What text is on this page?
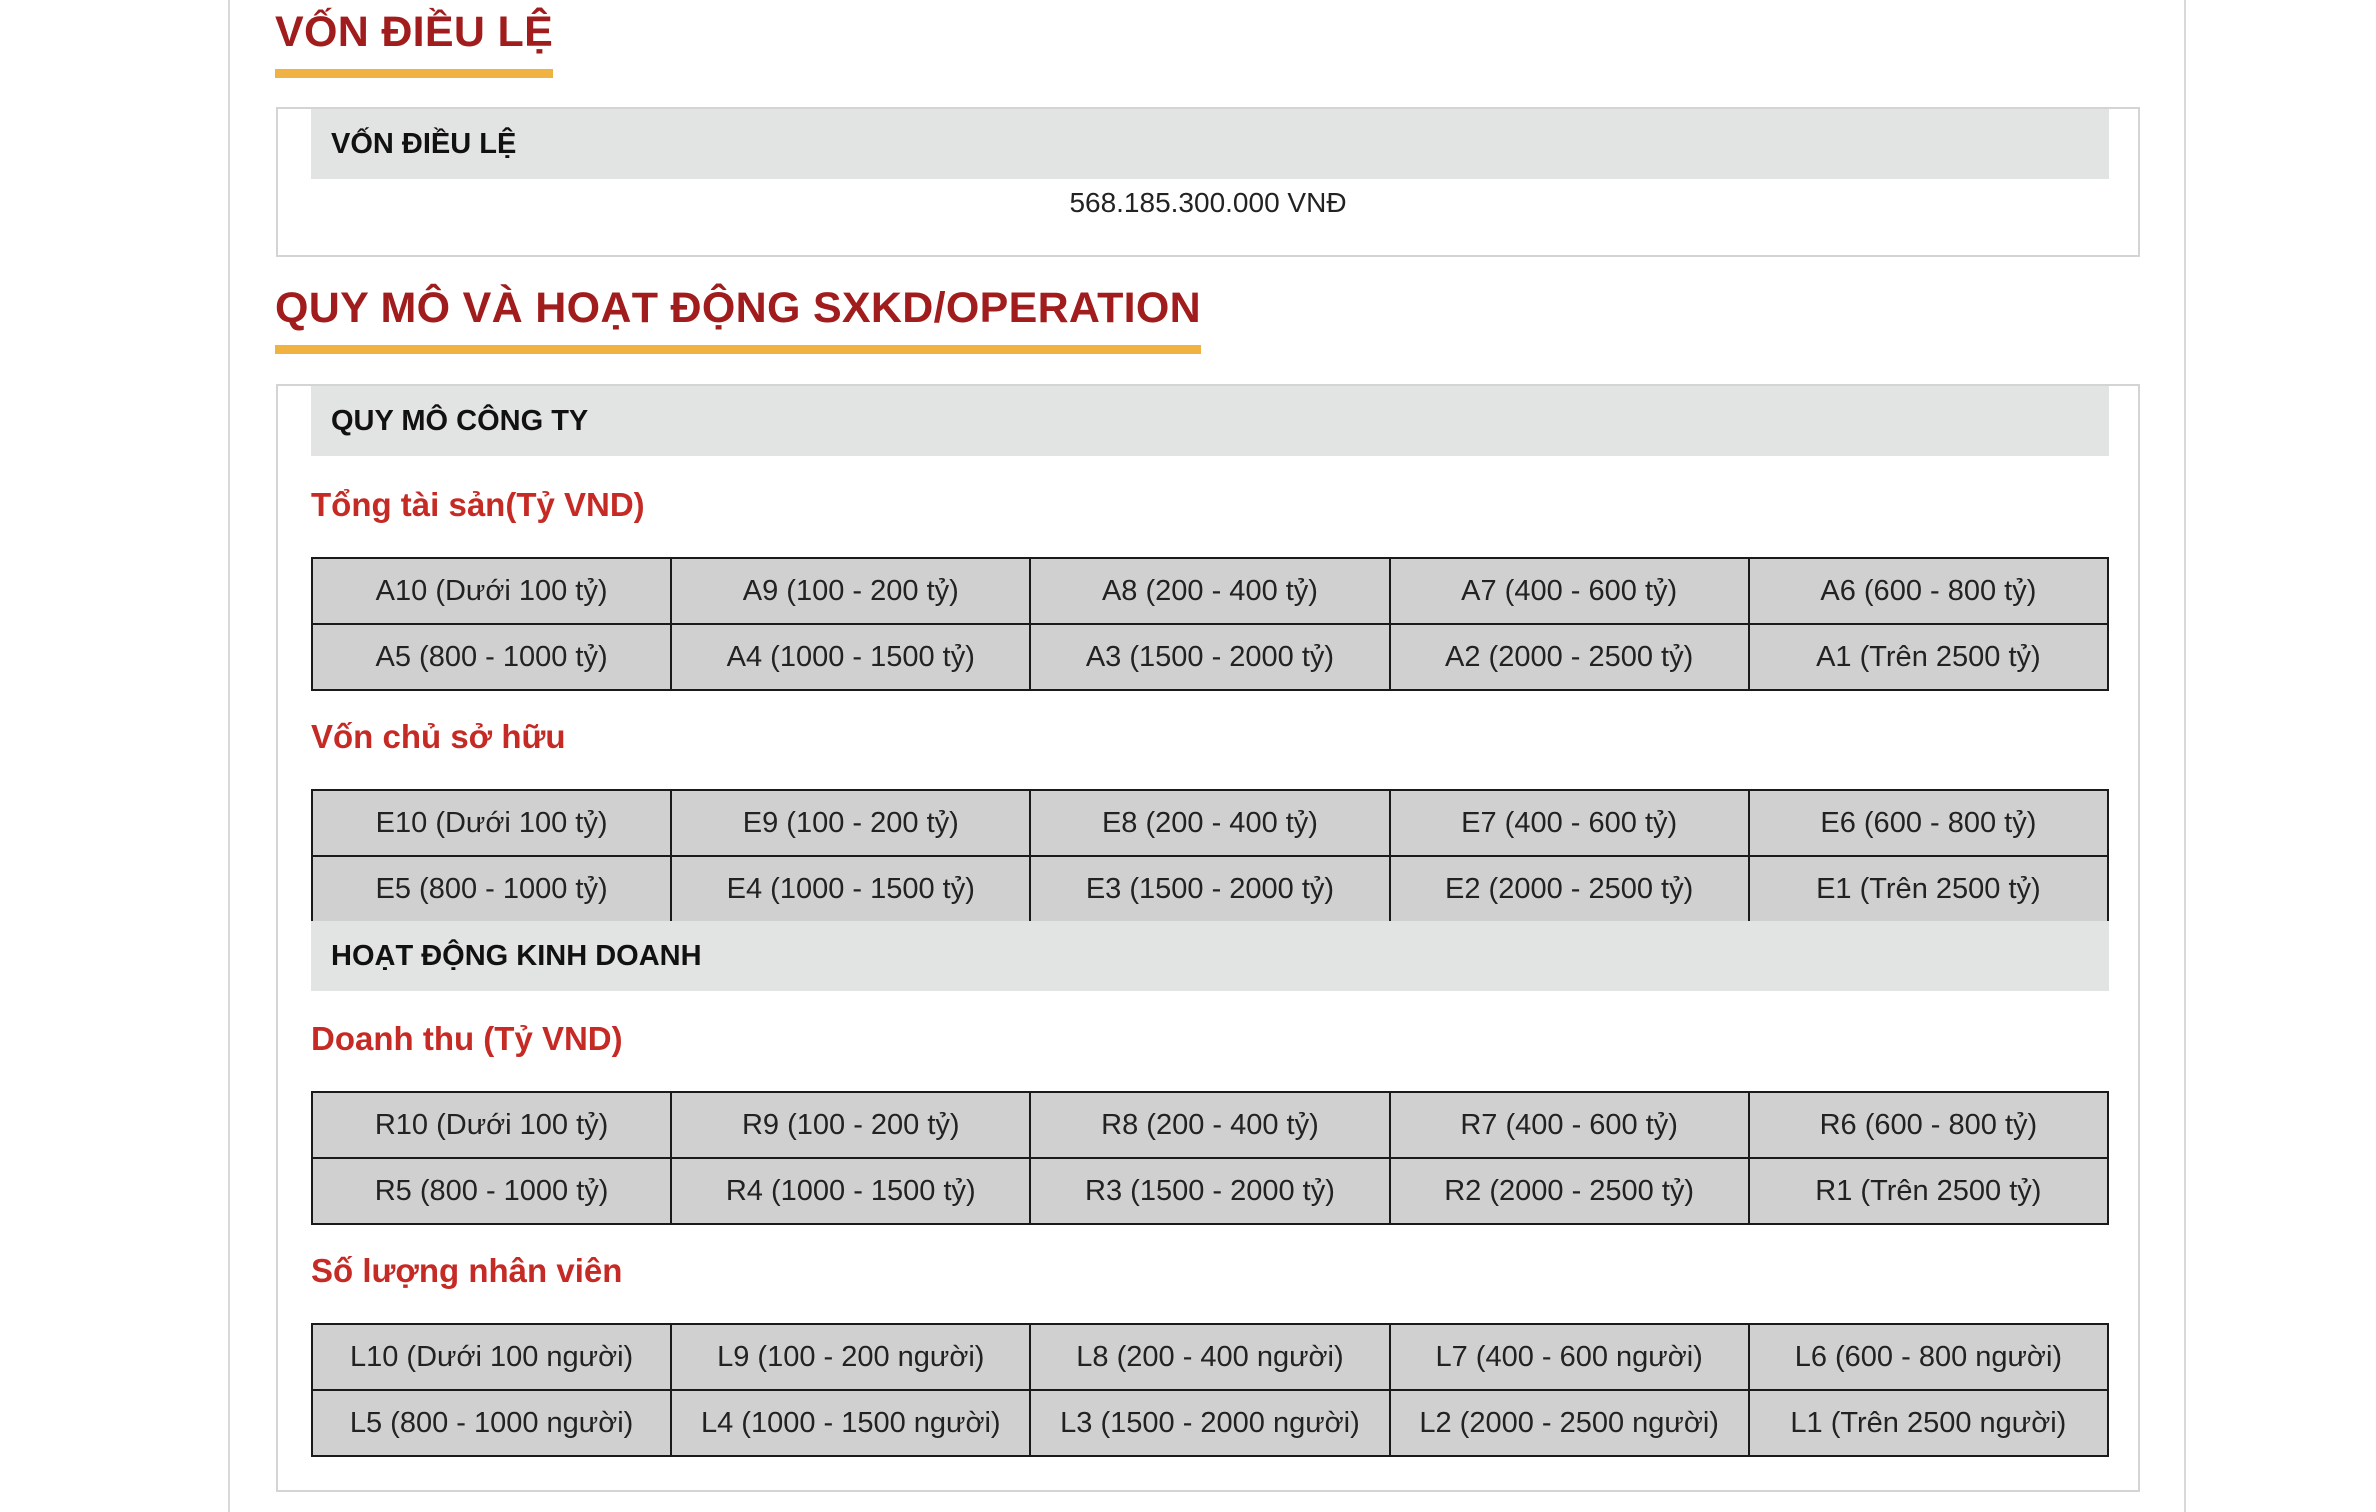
VỐN ĐIỀU LỆ
VỐN ĐIỀU LỆ
568.185.300.000 VNĐ
QUY MÔ VÀ HOẠT ĐỘNG SXKD/OPERATION
QUY MÔ CÔNG TY
Tổng tài sản(Tỷ VND)
A10 (Dưới 100 tỷ)	A9 (100 - 200 tỷ)	A8 (200 - 400 tỷ)	A7 (400 - 600 tỷ)	A6 (600 - 800 tỷ)
A5 (800 - 1000 tỷ)	A4 (1000 - 1500 tỷ)	A3 (1500 - 2000 tỷ)	A2 (2000 - 2500 tỷ)	A1 (Trên 2500 tỷ)
Vốn chủ sở hữu
E10 (Dưới 100 tỷ)	E9 (100 - 200 tỷ)	E8 (200 - 400 tỷ)	E7 (400 - 600 tỷ)	E6 (600 - 800 tỷ)
E5 (800 - 1000 tỷ)	E4 (1000 - 1500 tỷ)	E3 (1500 - 2000 tỷ)	E2 (2000 - 2500 tỷ)	E1 (Trên 2500 tỷ)
HOẠT ĐỘNG KINH DOANH
Doanh thu (Tỷ VND)
R10 (Dưới 100 tỷ)	R9 (100 - 200 tỷ)	R8 (200 - 400 tỷ)	R7 (400 - 600 tỷ)	R6 (600 - 800 tỷ)
R5 (800 - 1000 tỷ)	R4 (1000 - 1500 tỷ)	R3 (1500 - 2000 tỷ)	R2 (2000 - 2500 tỷ)	R1 (Trên 2500 tỷ)
Số lượng nhân viên
L10 (Dưới 100 người)	L9 (100 - 200 người)	L8 (200 - 400 người)	L7 (400 - 600 người)	L6 (600 - 800 người)
L5 (800 - 1000 người)	L4 (1000 - 1500 người)	L3 (1500 - 2000 người)	L2 (2000 - 2500 người)	L1 (Trên 2500 người)
